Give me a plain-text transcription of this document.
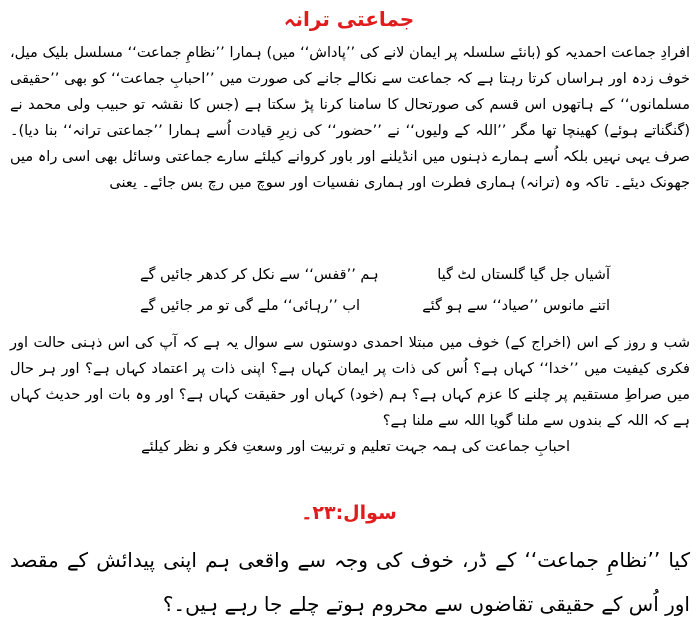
جماعتی ترانہ

افرادِ جماعت احمدیہ کو (بانئے سلسلہ پر ایمان لانے کی ’’پاداش‘‘ میں) ہمارا ’’نظامِ جماعت‘‘ مسلسل بلیک میل، خوف زدہ اور ہراساں کرتا رہتا ہے کہ جماعت سے نکالے جانے کی صورت میں ’’احبابِ جماعت‘‘ کو بھی ’’حقیقی مسلمانوں‘‘ کے ہاتھوں اس قسم کی صورتحال کا سامنا کرنا پڑ سکتا ہے (جس کا نقشہ تو حبیب ولی محمد نے (گنگناتے ہوئے) کھینچا تھا مگر ’’اللہ کے ولیوں‘‘ نے ’’حضور‘‘ کی زیرِ قیادت اُسے ہمارا ’’جماعتی ترانہ‘‘ بنا دیا)۔ صرف یہی نہیں بلکہ اُسے ہمارے ذہنوں میں انڈیلنے اور باور کروانے کیلئے سارے جماعتی وسائل بھی اسی راہ میں جھونک دیئے۔ تاکہ وہ (ترانہ) ہماری فطرت اور ہماری نفسیات اور سوچ میں رچ بس جائے۔ یعنی

آشیاں جل گیا گلستاں لٹ گیا
ہم ’’قفس‘‘ سے نکل کر کدھر جائیں گے
اتنے مانوس ’’صیاد‘‘ سے ہو گئے
اب ’’رہائی‘‘ ملے گی تو مر جائیں گے
شب و روز کے اس (اخراج کے) خوف میں مبتلا احمدی دوستوں سے سوال یہ ہے کہ آپ کی اس ذہنی حالت اور فکری کیفیت میں ’’خدا‘‘ کہاں ہے؟ اُس کی ذات پر ایمان کہاں ہے؟ اپنی ذات پر اعتماد کہاں ہے؟ اور ہر حال میں صراطِ مستقیم پر چلنے کا عزم کہاں ہے؟ ہم (خود) کہاں اور حقیقت کہاں ہے؟ اور وہ بات اور حدیث کہاں ہے کہ اللہ کے بندوں سے ملنا گویا اللہ سے ملنا ہے؟
احبابِ جماعت کی ہمہ جہت تعلیم و تربیت اور وسعتِ فکر و نظر کیلئے
سوال:۲۳۔

کیا ’’نظامِ جماعت‘‘ کے ڈر، خوف کی وجہ سے واقعی ہم اپنی پیدائش کے مقصد اور اُس کے حقیقی تقاضوں سے محروم ہوتے چلے جا رہے ہیں۔؟
